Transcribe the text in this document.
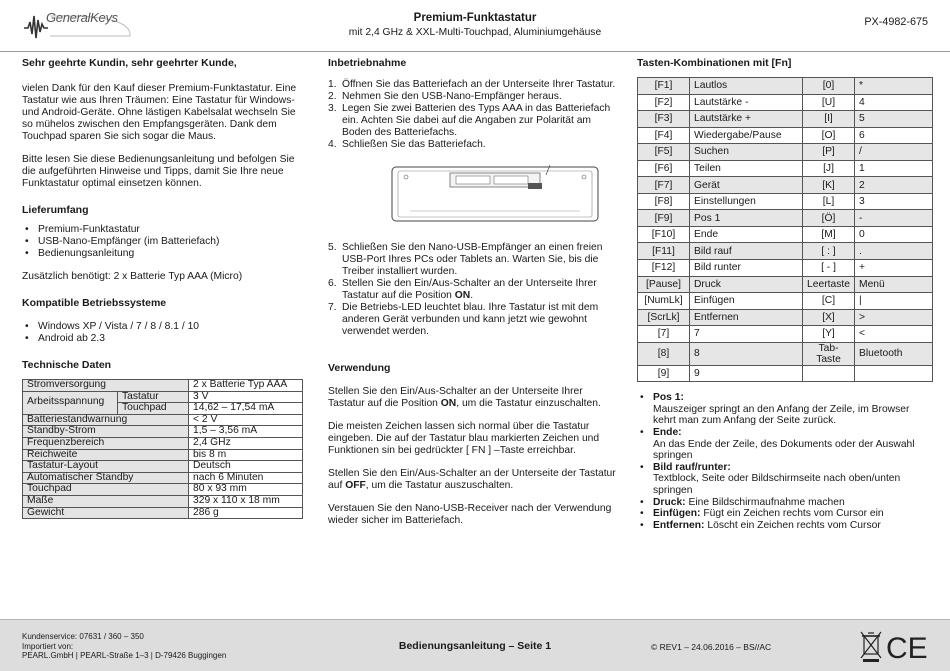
GeneralKeys	Premium-Funktastatur
mit 2,4 GHz & XXL-Multi-Touchpad, Aluminiumgehäuse
PX-4982-675
Sehr geehrte Kundin, sehr geehrter Kunde,

vielen Dank für den Kauf dieser Premium-Funktastatur. Eine Tastatur wie aus Ihren Träumen: Eine Tastatur für Windows- und Android-Geräte. Ohne lästigen Kabelsalat wechseln Sie so mühelos zwischen den Empfangsgeräten. Dank dem Touchpad sparen Sie sich sogar die Maus.

Bitte lesen Sie diese Bedienungsanleitung und befolgen Sie die aufgeführten Hinweise und Tipps, damit Sie Ihre neue Funktastatur optimal einsetzen können.

Lieferumfang
• Premium-Funktastatur
• USB-Nano-Empfänger (im Batteriefach)
• Bedienungsanleitung

Zusätzlich benötigt: 2 x Batterie Typ AAA (Micro)

Kompatible Betriebssysteme
• Windows XP / Vista / 7 / 8 / 8.1 / 10
• Android ab 2.3
Technische Daten
Stromversorgung		2 x Batterie Typ AAA
Arbeitsspannung	Tastatur	3 V
	Touchpad	14,62 – 17,54 mA
Batteriestandwarnung		< 2 V
Standby-Strom		1,5 – 3,56 mA
Frequenzbereich		2,4 GHz
Reichweite		bis 8 m
Tastatur-Layout		Deutsch
Automatischer Standby		nach 6 Minuten
Touchpad		80 x 93 mm
Maße		329 x 110 x 18 mm
Gewicht		286 g
Inbetriebnahme
1. Öffnen Sie das Batteriefach an der Unterseite Ihrer Tastatur.
2. Nehmen Sie den USB-Nano-Empfänger heraus.
3. Legen Sie zwei Batterien des Typs AAA in das Batteriefach ein. Achten Sie dabei auf die Angaben zur Polarität am Boden des Batteriefachs.
4. Schließen Sie das Batteriefach.
5. Schließen Sie den Nano-USB-Empfänger an einen freien USB-Port Ihres PCs oder Tablets an. Warten Sie, bis die Treiber installiert wurden.
6. Stellen Sie den Ein/Aus-Schalter an der Unterseite Ihrer Tastatur auf die Position ON.
7. Die Betriebs-LED leuchtet blau. Ihre Tastatur ist mit dem anderen Gerät verbunden und kann jetzt wie gewohnt verwendet werden.
Verwendung

Stellen Sie den Ein/Aus-Schalter an der Unterseite Ihrer Tastatur auf die Position ON, um die Tastatur einzuschalten.

Die meisten Zeichen lassen sich normal über die Tastatur eingeben. Die auf der Tastatur blau markierten Zeichen und Funktionen sin bei gedrückter [ FN ] –Taste erreichbar.

Stellen Sie den Ein/Aus-Schalter an der Unterseite der Tastatur auf OFF, um die Tastatur auszuschalten.

Verstauen Sie den Nano-USB-Receiver nach der Verwendung wieder sicher im Batteriefach.

Tasten-Kombinationen mit [Fn]
[F1]	Lautlos	[0]	*
[F2]	Lautstärke -	[U]	4
[F3]	Lautstärke +	[I]	5
[F4]	Wiedergabe/Pause	[O]	6
[F5]	Suchen	[P]	/
[F6]	Teilen	[J]	1
[F7]	Gerät	[K]	2
[F8]	Einstellungen	[L]	3
[F9]	Pos 1	[Ö]	-
[F10]	Ende	[M]	0
[F11]	Bild rauf	[ : ]	.
[F12]	Bild runter	[ - ]	+
[Pause]	Druck	Leertaste	Menü
[NumLk]	Einfügen	[C]	|
[ScrLk]	Entfernen	[X]	>
[7]	7	[Y]	<
[8]	8	Tab-Taste	Bluetooth
[9]	9		
• Pos 1:
Mauszeiger springt an den Anfang der Zeile, im Browser kehrt man zum Anfang der Seite zurück.
• Ende:
An das Ende der Zeile, des Dokuments oder der Auswahl springen
• Bild rauf/runter:
Textblock, Seite oder Bildschirmseite nach oben/unten springen
• Druck: Eine Bildschirmaufnahme machen
• Einfügen: Fügt ein Zeichen rechts vom Cursor ein
• Entfernen: Löscht ein Zeichen rechts vom Cursor
Kundenservice: 07631 / 360 – 350
Importiert von:
PEARL.GmbH | PEARL-Straße 1–3 | D-79426 Buggingen
Bedienungsanleitung – Seite 1	© REV1 – 24.06.2016 – BS//AC	CE
